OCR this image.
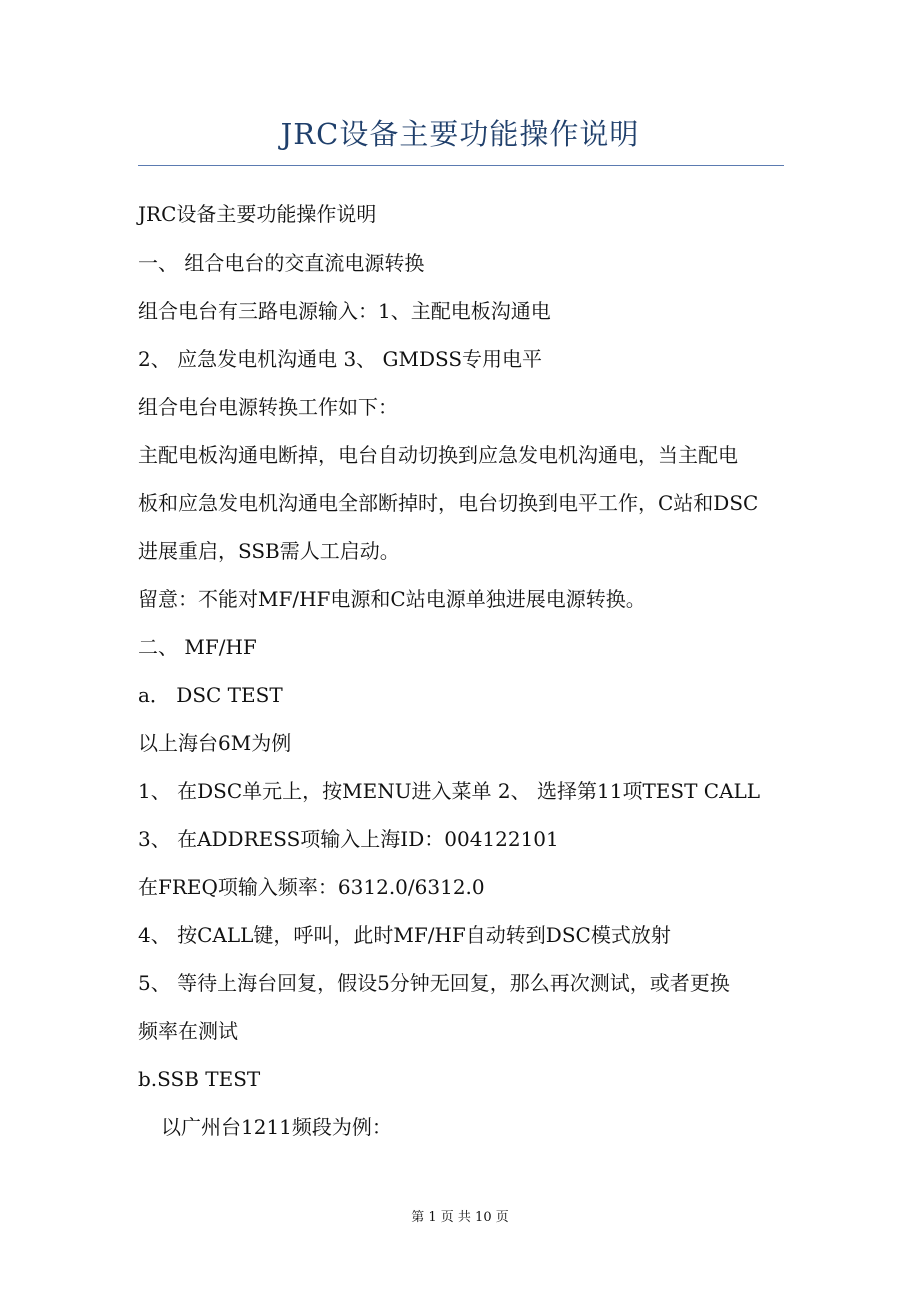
JRC设备主要功能操作说明
JRC设备主要功能操作说明
一、 组合电台的交直流电源转换
组合电台有三路电源输入：1、主配电板沟通电
2、 应急发电机沟通电 3、 GMDSS专用电平
组合电台电源转换工作如下：
主配电板沟通电断掉，电台自动切换到应急发电机沟通电，当主配电
板和应急发电机沟通电全部断掉时，电台切换到电平工作，C站和DSC
进展重启，SSB需人工启动。
留意：不能对MF/HF电源和C站电源单独进展电源转换。
二、 MF/HF
a． DSC TEST
以上海台6M为例
1、 在DSC单元上，按MENU进入菜单 2、 选择第11项TEST CALL
3、 在ADDRESS项输入上海ID：004122101
在FREQ项输入频率：6312.0/6312.0
4、 按CALL键，呼叫，此时MF/HF自动转到DSC模式放射
5、 等待上海台回复，假设5分钟无回复，那么再次测试，或者更换
频率在测试
b.SSB TEST
以广州台1211频段为例：
第 1 页 共 10 页
